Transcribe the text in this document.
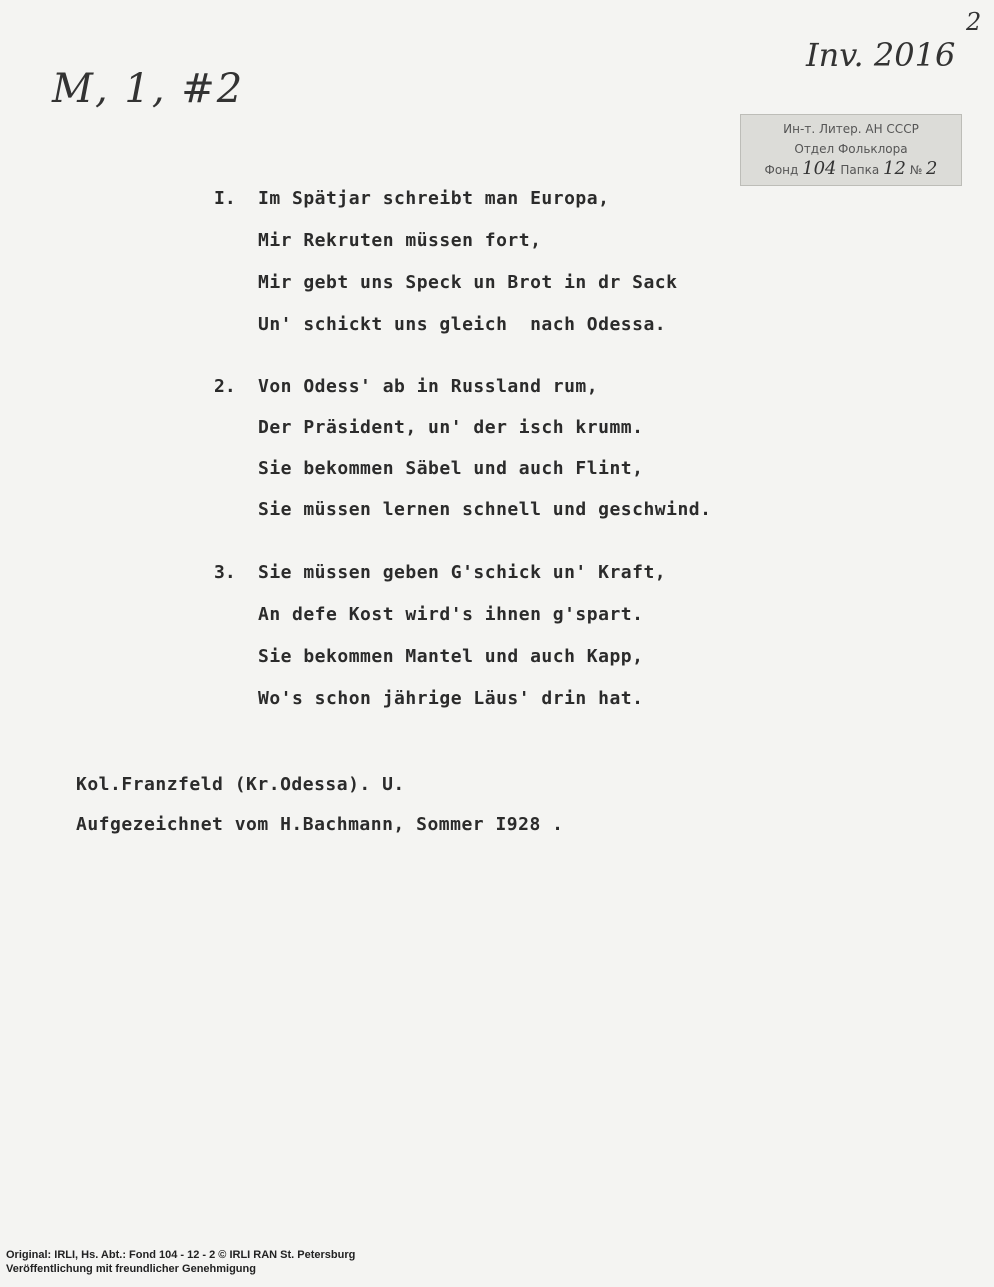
M, 1, #2
Inv. 2016
2
Ин-т. Литер. АН СССР
Отдел Фольклора
Фонд 104 Папка 12 № 2
I. Im Spätjar schreibt man Europa,
Mir Rekruten müssen fort,
Mir gebt uns Speck un Brot in dr Sack
Un' schickt uns gleich  nach Odessa.
2. Von Odess' ab in Russland rum,
Der Präsident, un' der isch krumm.
Sie bekommen Säbel und auch Flint,
Sie müssen lernen schnell und geschwind.
3. Sie müssen geben G'schick un' Kraft,
An defe Kost wird's ihnen g'spart.
Sie bekommen Mantel und auch Kapp,
Wo's schon jährige Läus' drin hat.
Kol.Franzfeld (Kr.Odessa). U.
Aufgezeichnet vom H.Bachmann, Sommer I928 .
Original: IRLI, Hs. Abt.: Fond 104 - 12 - 2 © IRLI RAN St. Petersburg
Veröffentlichung mit freundlicher Genehmigung
